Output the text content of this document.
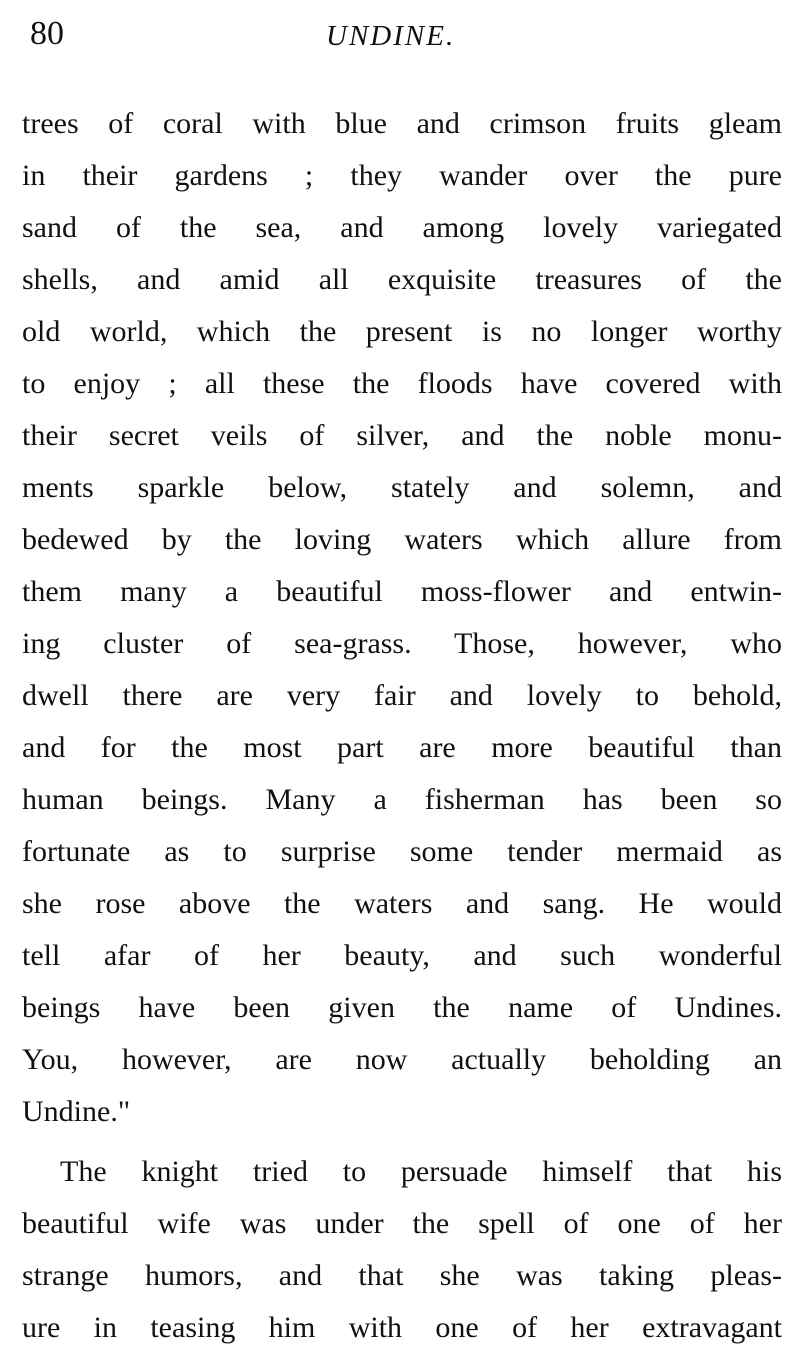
80	UNDINE.
trees of coral with blue and crimson fruits gleam
in their gardens ; they wander over the pure
sand of the sea, and among lovely variegated
shells, and amid all exquisite treasures of the
old world, which the present is no longer worthy
to enjoy ; all these the floods have covered with
their secret veils of silver, and the noble monu-
ments sparkle below, stately and solemn, and
bedewed by the loving waters which allure from
them many a beautiful moss-flower and entwin-
ing cluster of sea-grass. Those, however, who
dwell there are very fair and lovely to behold,
and for the most part are more beautiful than
human beings. Many a fisherman has been so
fortunate as to surprise some tender mermaid as
she rose above the waters and sang. He would
tell afar of her beauty, and such wonderful
beings have been given the name of Undines.
You, however, are now actually beholding an
Undine."
The knight tried to persuade himself that his
beautiful wife was under the spell of one of her
strange humors, and that she was taking pleas-
ure in teasing him with one of her extravagant
